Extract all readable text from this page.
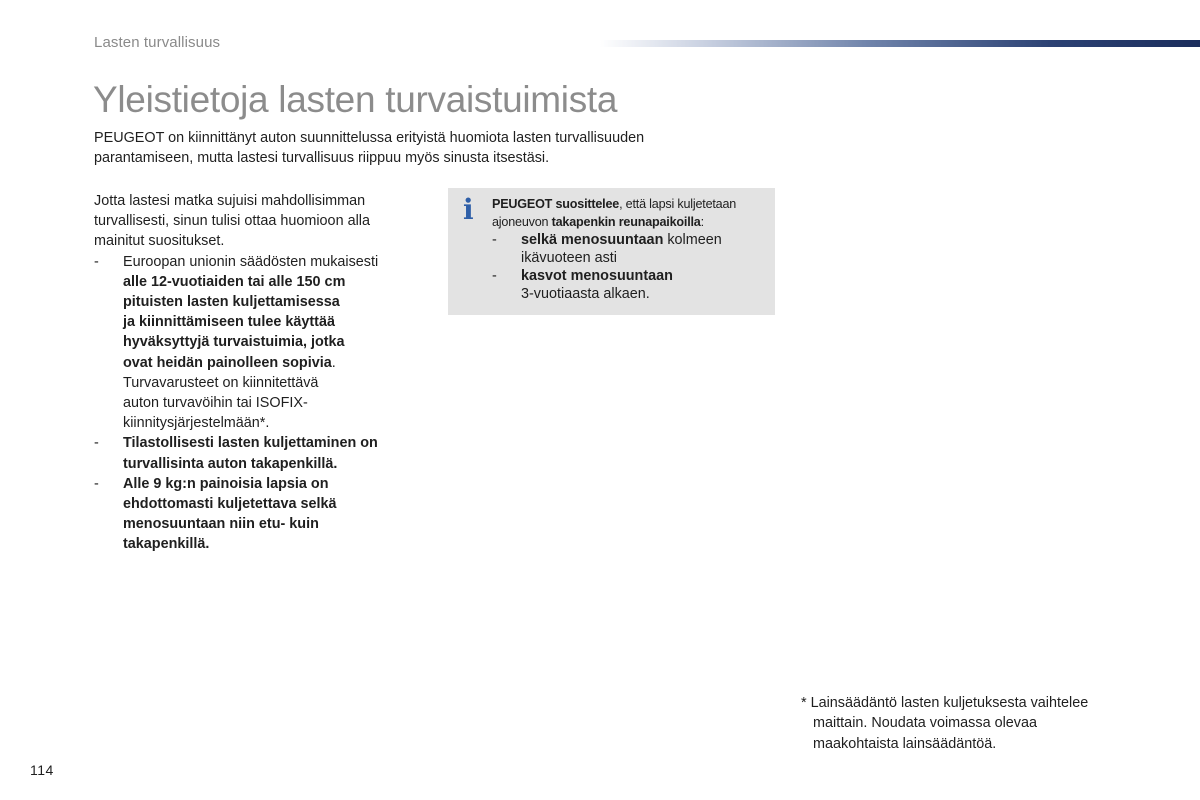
Lasten turvallisuus
Yleistietoja lasten turvaistuimista
PEUGEOT on kiinnittänyt auton suunnittelussa erityistä huomiota lasten turvallisuuden
parantamiseen, mutta lastesi turvallisuus riippuu myös sinusta itsestäsi.
Jotta lastesi matka sujuisi mahdollisimman
turvallisesti, sinun tulisi ottaa huomioon alla
mainitut suositukset.
- Euroopan unionin säädösten mukaisesti
alle 12-vuotiaiden tai alle 150 cm
pituisten lasten kuljettamisessa
ja kiinnittämiseen tulee käyttää
hyväksyttyjä turvaistuimia, jotka
ovat heidän painolleen sopivia.
Turvavarusteet on kiinnitettävä
auton turvavöihin tai ISOFIX-
kiinnitysjärjestelmään*.
- Tilastollisesti lasten kuljettaminen on
turvallisinta auton takapenkillä.
- Alle 9 kg:n painoisia lapsia on
ehdottomasti kuljetettava selkä
menosuuntaan niin etu- kuin
takapenkillä.
i PEUGEOT suosittelee, että lapsi kuljetetaan
ajoneuvon takapenkin reunapaikoilla:
- selkä menosuuntaan kolmeen
ikävuoteen asti
- kasvot menosuuntaan
3-vuotiaasta alkaen.
* Lainsäädäntö lasten kuljetuksesta vaihtelee
maittain. Noudata voimassa olevaa
maakohtaista lainsäädäntöä.
114
